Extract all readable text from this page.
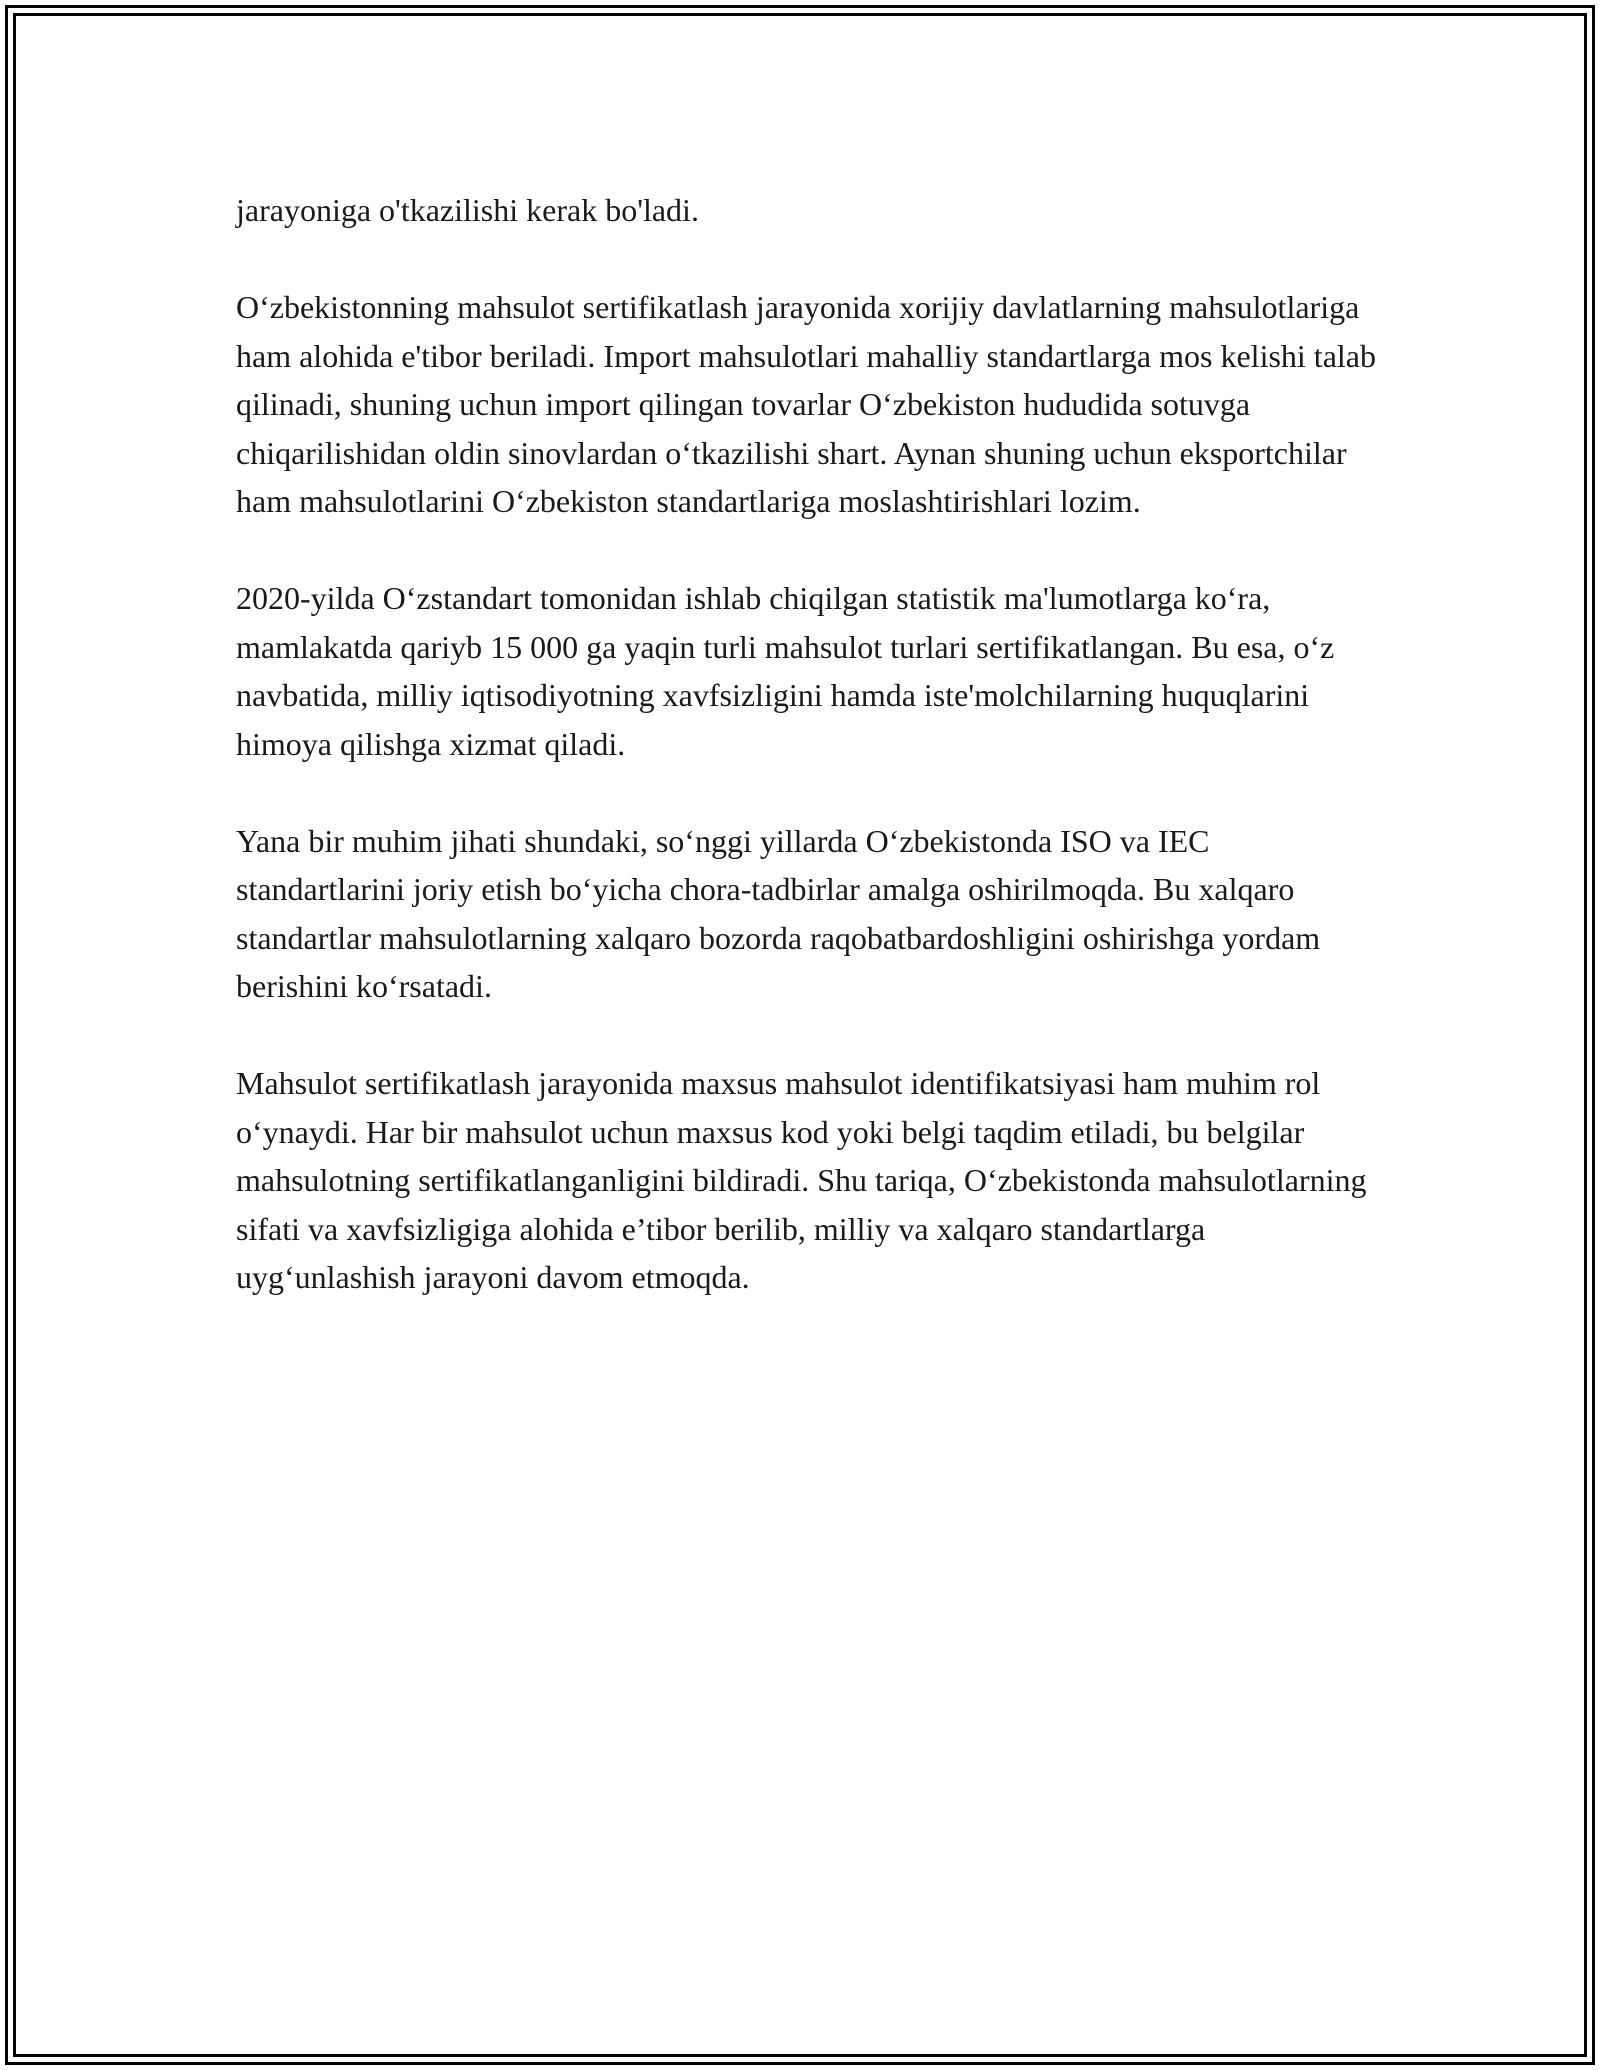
jarayoniga o'tkazilishi kerak bo'ladi.

O‘zbekistonning mahsulot sertifikatlash jarayonida xorijiy davlatlarning mahsulotlariga ham alohida e'tibor beriladi. Import mahsulotlari mahalliy standartlarga mos kelishi talab qilinadi, shuning uchun import qilingan tovarlar O‘zbekiston hududida sotuvga chiqarilishidan oldin sinovlardan o‘tkazilishi shart. Aynan shuning uchun eksportchilar ham mahsulotlarini O‘zbekiston standartlariga moslashtirishlari lozim.

2020-yilda O‘zstandart tomonidan ishlab chiqilgan statistik ma'lumotlarga ko‘ra, mamlakatda qariyb 15 000 ga yaqin turli mahsulot turlari sertifikatlangan. Bu esa, o‘z navbatida, milliy iqtisodiyotning xavfsizligini hamda iste'molchilarning huquqlarini himoya qilishga xizmat qiladi.

Yana bir muhim jihati shundaki, so‘nggi yillarda O‘zbekistonda ISO va IEC standartlarini joriy etish bo‘yicha chora-tadbirlar amalga oshirilmoqda. Bu xalqaro standartlar mahsulotlarning xalqaro bozorda raqobatbardoshligini oshirishga yordam berishini ko‘rsatadi.

Mahsulot sertifikatlash jarayonida maxsus mahsulot identifikatsiyasi ham muhim rol o‘ynaydi. Har bir mahsulot uchun maxsus kod yoki belgi taqdim etiladi, bu belgilar mahsulotning sertifikatlanganligini bildiradi. Shu tariqa, O‘zbekistonda mahsulotlarning sifati va xavfsizligiga alohida e’tibor berilib, milliy va xalqaro standartlarga uyg‘unlashish jarayoni davom etmoqda.
